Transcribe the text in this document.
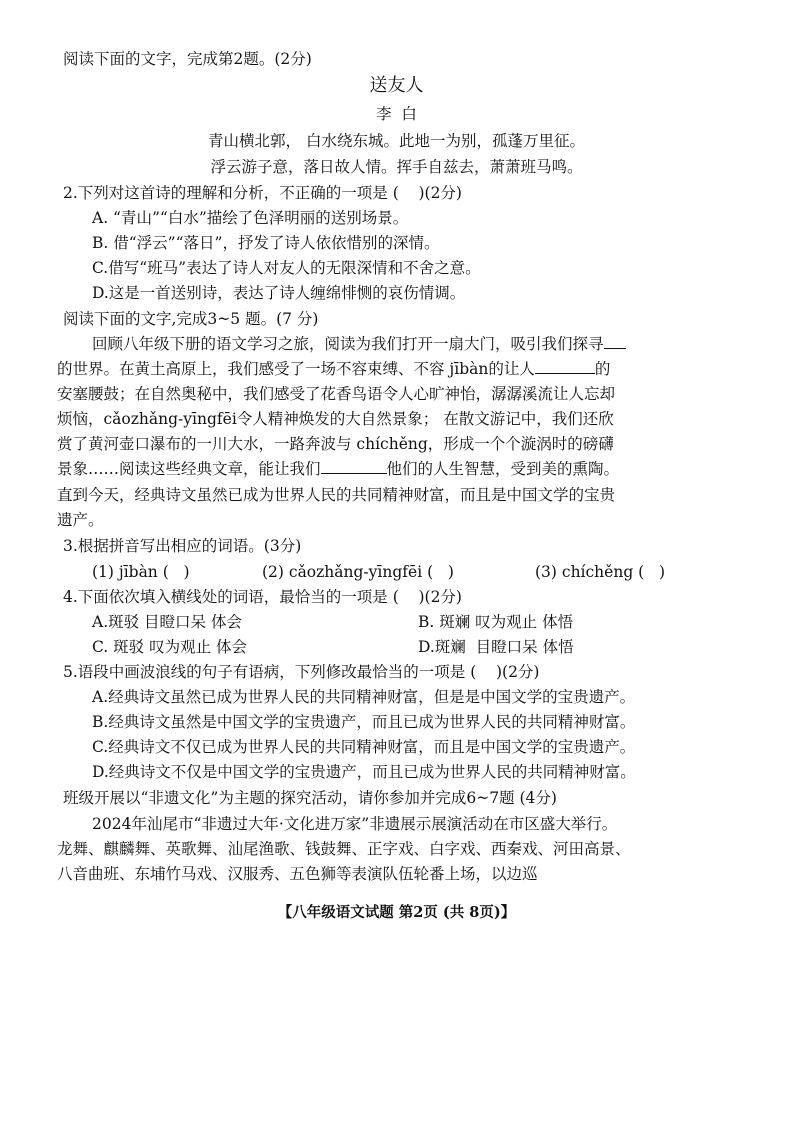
阅读下面的文字，完成第2题。(2分)
送友人
李  白
青山横北郭， 白水绕东城。此地一为别，孤蓬万里征。
浮云游子意，落日故人情。挥手自兹去，萧萧班马鸣。
2.下列对这首诗的理解和分析，不正确的一项是 (    )(2分)
A. “青山”“白水”描绘了色泽明丽的送别场景。
B. 借“浮云”“落日”，抒发了诗人依依惜别的深情。
C.借写“班马”表达了诗人对友人的无限深情和不舍之意。
D.这是一首送别诗，表达了诗人缠绵悱恻的哀伤情调。
阅读下面的文字,完成3~5 题。(7 分)
回顾八年级下册的语文学习之旅，阅读为我们打开一扇大门，吸引我们探寻
的世界。在黄土高原上，我们感受了一场不容束缚、不容 jībàn的让人	的
安塞腰鼓；在自然奥秘中，我们感受了花香鸟语令人心旷神怡，潺潺溪流让人忘却
烦恼，cǎozhǎng-yīngfēi令人精神焕发的大自然景象； 在散文游记中，我们还欣
赏了黄河壶口瀑布的一川大水，一路奔波与 chíchěng，形成一个个漩涡时的磅礴
景象……阅读这些经典文章，能让我们	他们的人生智慧，受到美的熏陶。
直到今天，经典诗文虽然已成为世界人民的共同精神财富，而且是中国文学的宝贵
遗产。
3.根据拼音写出相应的词语。(3分)
(1) jībàn (   )	(2) cǎozhǎng-yīngfēi (   )	(3) chíchěng (   )
4.下面依次填入横线处的词语，最恰当的一项是 (    )(2分)
A.斑驳 目瞪口呆 体会	B. 斑斓 叹为观止 体悟
C. 斑驳 叹为观止 体会	D.斑斓  目瞪口呆 体悟
5.语段中画波浪线的句子有语病，下列修改最恰当的一项是 (    )(2分)
A.经典诗文虽然已成为世界人民的共同精神财富，但是是中国文学的宝贵遗产。
B.经典诗文虽然是中国文学的宝贵遗产，而且已成为世界人民的共同精神财富。
C.经典诗文不仅已成为世界人民的共同精神财富，而且是中国文学的宝贵遗产。
D.经典诗文不仅是中国文学的宝贵遗产，而且已成为世界人民的共同精神财富。
班级开展以“非遗文化”为主题的探究活动，请你参加并完成6~7题 (4分)
2024年汕尾市“非遗过大年·文化进万家”非遗展示展演活动在市区盛大举行。
龙舞、麒麟舞、英歌舞、汕尾渔歌、钱鼓舞、正字戏、白字戏、西秦戏、河田高景、
八音曲班、东埔竹马戏、汉服秀、五色狮等表演队伍轮番上场，以边巡
【八年级语文试题 第2页 (共 8页)】
